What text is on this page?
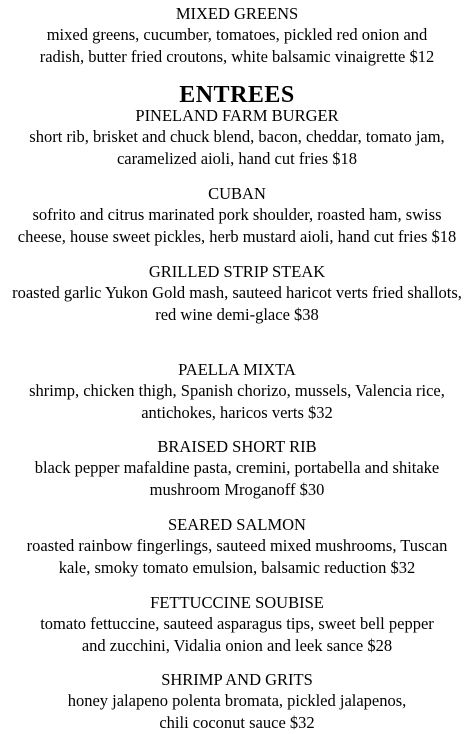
MIXED GREENS
mixed greens, cucumber, tomatoes, pickled red onion and
radish, butter fried croutons, white balsamic vinaigrette $12
ENTREES
PINELAND FARM BURGER
short rib, brisket and chuck blend, bacon, cheddar, tomato jam,
caramelized aioli, hand cut fries $18
CUBAN
sofrito and citrus marinated pork shoulder, roasted ham, swiss
cheese, house sweet pickles, herb mustard aioli, hand cut fries $18
GRILLED STRIP STEAK
roasted garlic Yukon Gold mash, sauteed haricot verts fried shallots,
red wine demi-glace $38
PAELLA MIXTA
shrimp, chicken thigh, Spanish chorizo, mussels, Valencia rice,
antichokes, haricos verts $32
BRAISED SHORT RIB
black pepper mafaldine pasta, cremini, portabella and shitake
mushroom Mroganoff $30
SEARED SALMON
roasted rainbow fingerlings, sauteed mixed mushrooms, Tuscan
kale, smoky tomato emulsion, balsamic reduction $32
FETTUCCINE SOUBISE
tomato fettuccine, sauteed asparagus tips, sweet bell pepper
and zucchini, Vidalia onion and leek sance $28
SHRIMP AND GRITS
honey jalapeno polenta bromata, pickled jalapenos,
chili coconut sauce $32
